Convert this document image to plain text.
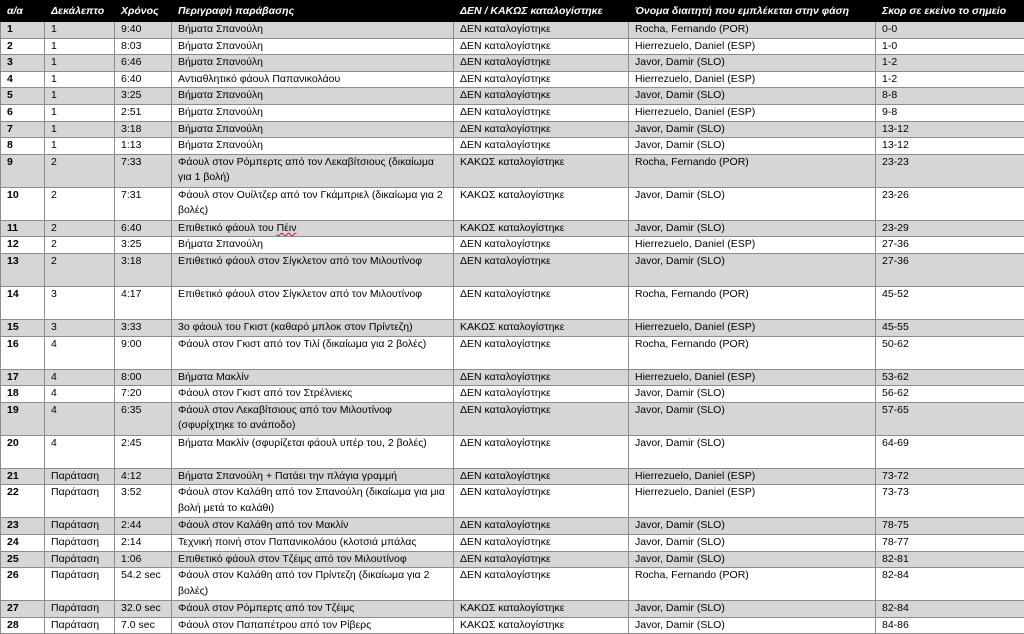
α/α	Δεκάλεπτο	Χρόνος	Περιγραφή παράβασης	ΔΕΝ / ΚΑΚΩΣ καταλογίστηκε	Όνομα διαιτητή που εμπλέκεται στην φάση	Σκορ σε εκείνο το σημείο
1	1	9:40	Βήματα Σπανούλη	ΔΕΝ καταλογίστηκε	Rocha, Fernando (POR)	0-0
2	1	8:03	Βήματα Σπανούλη	ΔΕΝ καταλογίστηκε	Hierrezuelo, Daniel (ESP)	1-0
3	1	6:46	Βήματα Σπανούλη	ΔΕΝ καταλογίστηκε	Javor, Damir (SLO)	1-2
4	1	6:40	Αντιαθλητικό φάουλ Παπανικολάου	ΔΕΝ καταλογίστηκε	Hierrezuelo, Daniel (ESP)	1-2
5	1	3:25	Βήματα Σπανούλη	ΔΕΝ καταλογίστηκε	Javor, Damir (SLO)	8-8
6	1	2:51	Βήματα Σπανούλη	ΔΕΝ καταλογίστηκε	Hierrezuelo, Daniel (ESP)	9-8
7	1	3:18	Βήματα Σπανούλη	ΔΕΝ καταλογίστηκε	Javor, Damir (SLO)	13-12
8	1	1:13	Βήματα Σπανούλη	ΔΕΝ καταλογίστηκε	Javor, Damir (SLO)	13-12
9	2	7:33	Φάουλ στον Ρόμπερτς από τον Λεκαβίτσιους (δικαίωμα για 1 βολή)	ΚΑΚΩΣ καταλογίστηκε	Rocha, Fernando (POR)	23-23
10	2	7:31	Φάουλ στον Ουίλτζερ από τον Γκάμπριελ (δικαίωμα για 2 βολές)	ΚΑΚΩΣ καταλογίστηκε	Javor, Damir (SLO)	23-26
11	2	6:40	Επιθετικό φάουλ του Πέιν	ΚΑΚΩΣ καταλογίστηκε	Javor, Damir (SLO)	23-29
12	2	3:25	Βήματα Σπανούλη	ΔΕΝ καταλογίστηκε	Hierrezuelo, Daniel (ESP)	27-36
13	2	3:18	Επιθετικό φάουλ στον Σίγκλετον από τον Μιλουτίνοφ	ΔΕΝ καταλογίστηκε	Javor, Damir (SLO)	27-36
14	3	4:17	Επιθετικό φάουλ στον Σίγκλετον από τον Μιλουτίνοφ	ΔΕΝ καταλογίστηκε	Rocha, Fernando (POR)	45-52
15	3	3:33	3ο φάουλ του Γκιστ (καθαρό μπλοκ στον Πρίντεζη)	ΚΑΚΩΣ καταλογίστηκε	Hierrezuelo, Daniel (ESP)	45-55
16	4	9:00	Φάουλ στον Γκιστ από τον Τιλί (δικαίωμα για 2 βολές)	ΔΕΝ καταλογίστηκε	Rocha, Fernando (POR)	50-62
17	4	8:00	Βήματα Μακλίν	ΔΕΝ καταλογίστηκε	Hierrezuelo, Daniel (ESP)	53-62
18	4	7:20	Φάουλ στον Γκιστ από τον Στρέλνιεκς	ΔΕΝ καταλογίστηκε	Javor, Damir (SLO)	56-62
19	4	6:35	Φάουλ στον Λεκαβίτσιους από τον Μιλουτίνοφ (σφυρίχτηκε το ανάποδο)	ΔΕΝ καταλογίστηκε	Javor, Damir (SLO)	57-65
20	4	2:45	Βήματα Μακλίν (σφυρίζεται φάουλ υπέρ του, 2 βολές)	ΔΕΝ καταλογίστηκε	Javor, Damir (SLO)	64-69
21	Παράταση	4:12	Βήματα Σπανούλη + Πατάει την πλάγια γραμμή	ΔΕΝ καταλογίστηκε	Hierrezuelo, Daniel (ESP)	73-72
22	Παράταση	3:52	Φάουλ στον Καλάθη από τον Σπανούλη (δικαίωμα για μια βολή μετά το καλάθι)	ΔΕΝ καταλογίστηκε	Hierrezuelo, Daniel (ESP)	73-73
23	Παράταση	2:44	Φάουλ στον Καλάθη από τον Μακλίν	ΔΕΝ καταλογίστηκε	Javor, Damir (SLO)	78-75
24	Παράταση	2:14	Τεχνική ποινή στον Παπανικολάου (κλοτσιά μπάλας	ΔΕΝ καταλογίστηκε	Javor, Damir (SLO)	78-77
25	Παράταση	1:06	Επιθετικό φάουλ στον Τζέιμς από τον Μιλουτίνοφ	ΔΕΝ καταλογίστηκε	Javor, Damir (SLO)	82-81
26	Παράταση	54.2 sec	Φάουλ στον Καλάθη από τον Πρίντεζη (δικαίωμα για 2 βολές)	ΔΕΝ καταλογίστηκε	Rocha, Fernando (POR)	82-84
27	Παράταση	32.0 sec	Φάουλ στον Ρόμπερτς από τον Τζέιμς	ΚΑΚΩΣ καταλογίστηκε	Javor, Damir (SLO)	82-84
28	Παράταση	7.0 sec	Φάουλ στον Παπαπέτρου από τον Ρίβερς	ΚΑΚΩΣ καταλογίστηκε	Javor, Damir (SLO)	84-86
